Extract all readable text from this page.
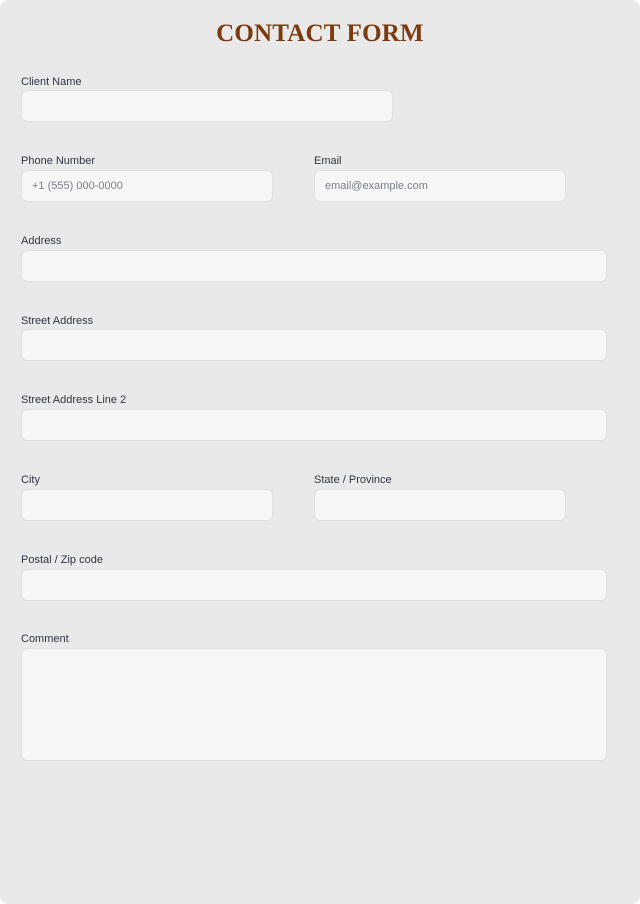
CONTACT FORM
Client Name
Phone Number
+1 (555) 000-0000	Email
email@example.com
Address
Street Address
Street Address Line 2
City	State / Province
Postal / Zip code
Comment
